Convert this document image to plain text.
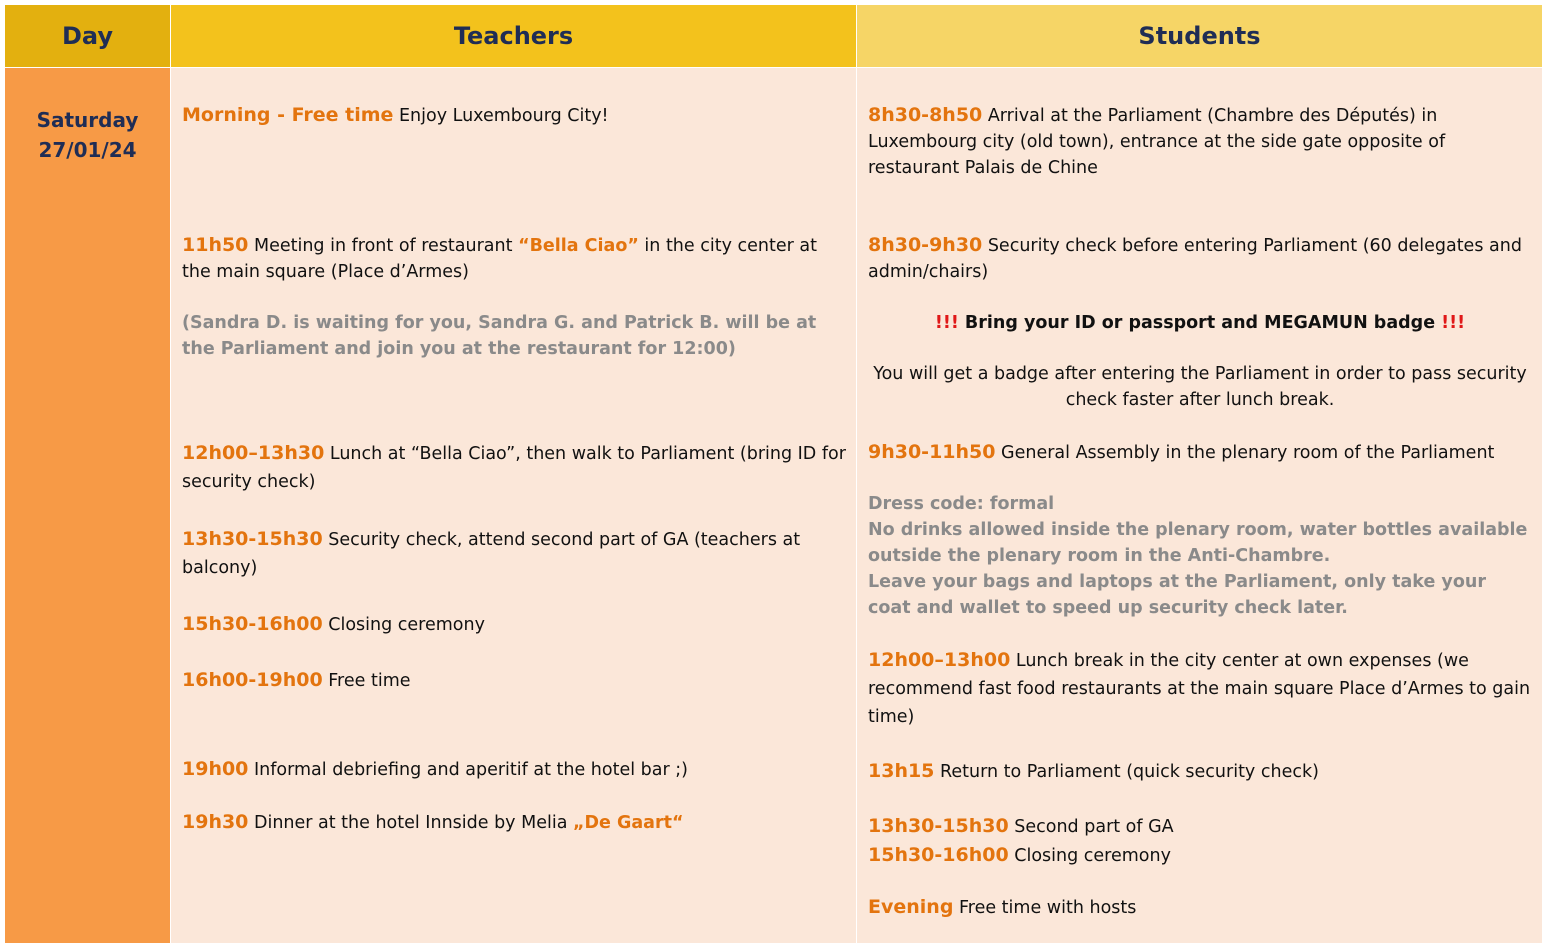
Day	Teachers	Students
Saturday
27/01/24
Morning - Free time Enjoy Luxembourg City!
11h50 Meeting in front of restaurant “Bella Ciao” in the city center at the main square (Place d’Armes)
(Sandra D. is waiting for you, Sandra G. and Patrick B. will be at the Parliament and join you at the restaurant for 12:00)
12h00–13h30 Lunch at “Bella Ciao”, then walk to Parliament (bring ID for security check)
13h30-15h30 Security check, attend second part of GA (teachers at balcony)
15h30-16h00 Closing ceremony
16h00-19h00 Free time
19h00 Informal debriefing and aperitif at the hotel bar ;)
19h30 Dinner at the hotel Innside by Melia „De Gaart“
8h30-8h50 Arrival at the Parliament (Chambre des Députés) in Luxembourg city (old town), entrance at the side gate opposite of restaurant Palais de Chine
8h30-9h30 Security check before entering Parliament (60 delegates and admin/chairs)
!!! Bring your ID or passport and MEGAMUN badge !!!
You will get a badge after entering the Parliament in order to pass security check faster after lunch break.
9h30-11h50 General Assembly in the plenary room of the Parliament
Dress code: formal
No drinks allowed inside the plenary room, water bottles available outside the plenary room in the Anti-Chambre.
Leave your bags and laptops at the Parliament, only take your coat and wallet to speed up security check later.
12h00–13h00 Lunch break in the city center at own expenses (we recommend fast food restaurants at the main square Place d’Armes to gain time)
13h15 Return to Parliament (quick security check)
13h30-15h30 Second part of GA
15h30-16h00 Closing ceremony
Evening Free time with hosts
